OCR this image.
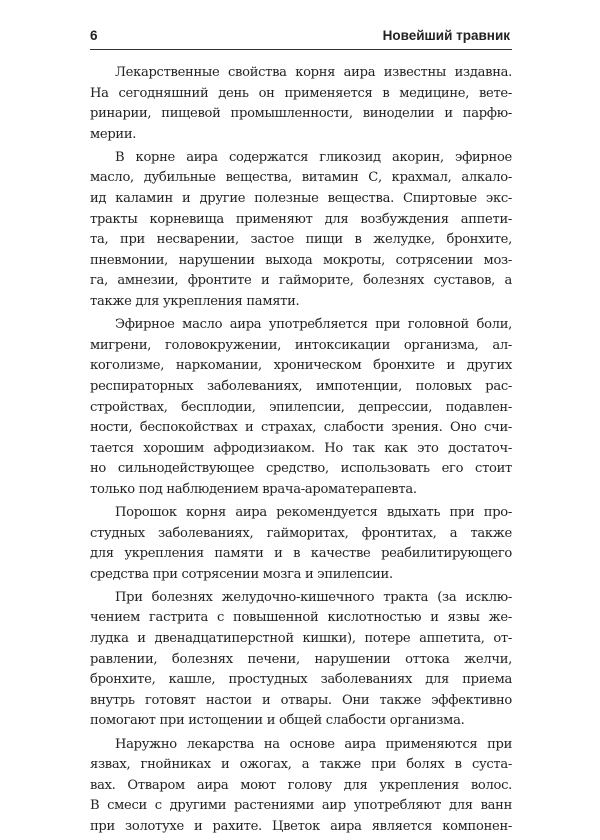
6	Новейший травник
Лекарственные свойства корня аира известны издавна.
На сегодняшний день он применяется в медицине, вете-
ринарии, пищевой промышленности, виноделии и парфю-
мерии.
В корне аира содержатся гликозид акорин, эфирное
масло, дубильные вещества, витамин С, крахмал, алкало-
ид каламин и другие полезные вещества. Спиртовые экс-
тракты корневища применяют для возбуждения аппети-
та, при несварении, застое пищи в желудке, бронхите,
пневмонии, нарушении выхода мокроты, сотрясении моз-
га, амнезии, фронтите и гайморите, болезнях суставов, а
также для укрепления памяти.
Эфирное масло аира употребляется при головной боли,
мигрени, головокружении, интоксикации организма, ал-
коголизме, наркомании, хроническом бронхите и других
респираторных заболеваниях, импотенции, половых рас-
стройствах, бесплодии, эпилепсии, депрессии, подавлен-
ности, беспокойствах и страхах, слабости зрения. Оно счи-
тается хорошим афродизиаком. Но так как это достаточ-
но сильнодействующее средство, использовать его стоит
только под наблюдением врача-ароматерапевта.
Порошок корня аира рекомендуется вдыхать при про-
студных заболеваниях, гайморитах, фронтитах, а также
для укрепления памяти и в качестве реабилитирующего
средства при сотрясении мозга и эпилепсии.
При болезнях желудочно-кишечного тракта (за исклю-
чением гастрита с повышенной кислотностью и язвы же-
лудка и двенадцатиперстной кишки), потере аппетита, от-
равлении, болезнях печени, нарушении оттока желчи,
бронхите, кашле, простудных заболеваниях для приема
внутрь готовят настои и отвары. Они также эффективно
помогают при истощении и общей слабости организма.
Наружно лекарства на основе аира применяются при
язвах, гнойниках и ожогах, а также при болях в суста-
вах. Отваром аира моют голову для укрепления волос.
В смеси с другими растениями аир употребляют для ванн
при золотухе и рахите. Цветок аира является компонен-
